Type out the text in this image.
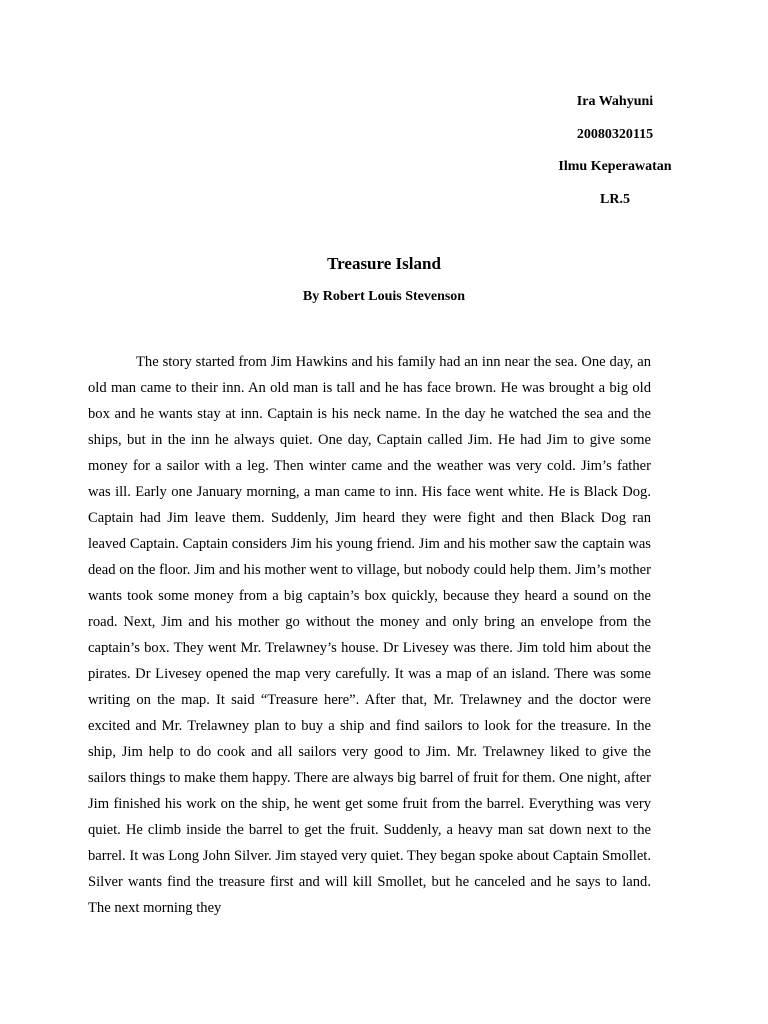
Ira Wahyuni
20080320115
Ilmu Keperawatan
LR.5
Treasure Island
By Robert Louis Stevenson

The story started from Jim Hawkins and his family had an inn near the sea. One day, an old man came to their inn. An old man is tall and he has face brown. He was brought a big old box and he wants stay at inn. Captain is his neck name. In the day he watched the sea and the ships, but in the inn he always quiet. One day, Captain called Jim. He had Jim to give some money for a sailor with a leg. Then winter came and the weather was very cold. Jim’s father was ill. Early one January morning, a man came to inn. His face went white. He is Black Dog. Captain had Jim leave them. Suddenly, Jim heard they were fight and then Black Dog ran leaved Captain. Captain considers Jim his young friend. Jim and his mother saw the captain was dead on the floor. Jim and his mother went to village, but nobody could help them. Jim’s mother wants took some money from a big captain’s box quickly, because they heard a sound on the road. Next, Jim and his mother go without the money and only bring an envelope from the captain’s box. They went Mr. Trelawney’s house. Dr Livesey was there. Jim told him about the pirates. Dr Livesey opened the map very carefully. It was a map of an island. There was some writing on the map. It said “Treasure here”. After that, Mr. Trelawney and the doctor were excited and Mr. Trelawney plan to buy a ship and find sailors to look for the treasure. In the ship, Jim help to do cook and all sailors very good to Jim. Mr. Trelawney liked to give the sailors things to make them happy. There are always big barrel of fruit for them. One night, after Jim finished his work on the ship, he went get some fruit from the barrel. Everything was very quiet. He climb inside the barrel to get the fruit. Suddenly, a heavy man sat down next to the barrel. It was Long John Silver. Jim stayed very quiet. They began spoke about Captain Smollet. Silver wants find the treasure first and will kill Smollet, but he canceled and he says to land. The next morning they
